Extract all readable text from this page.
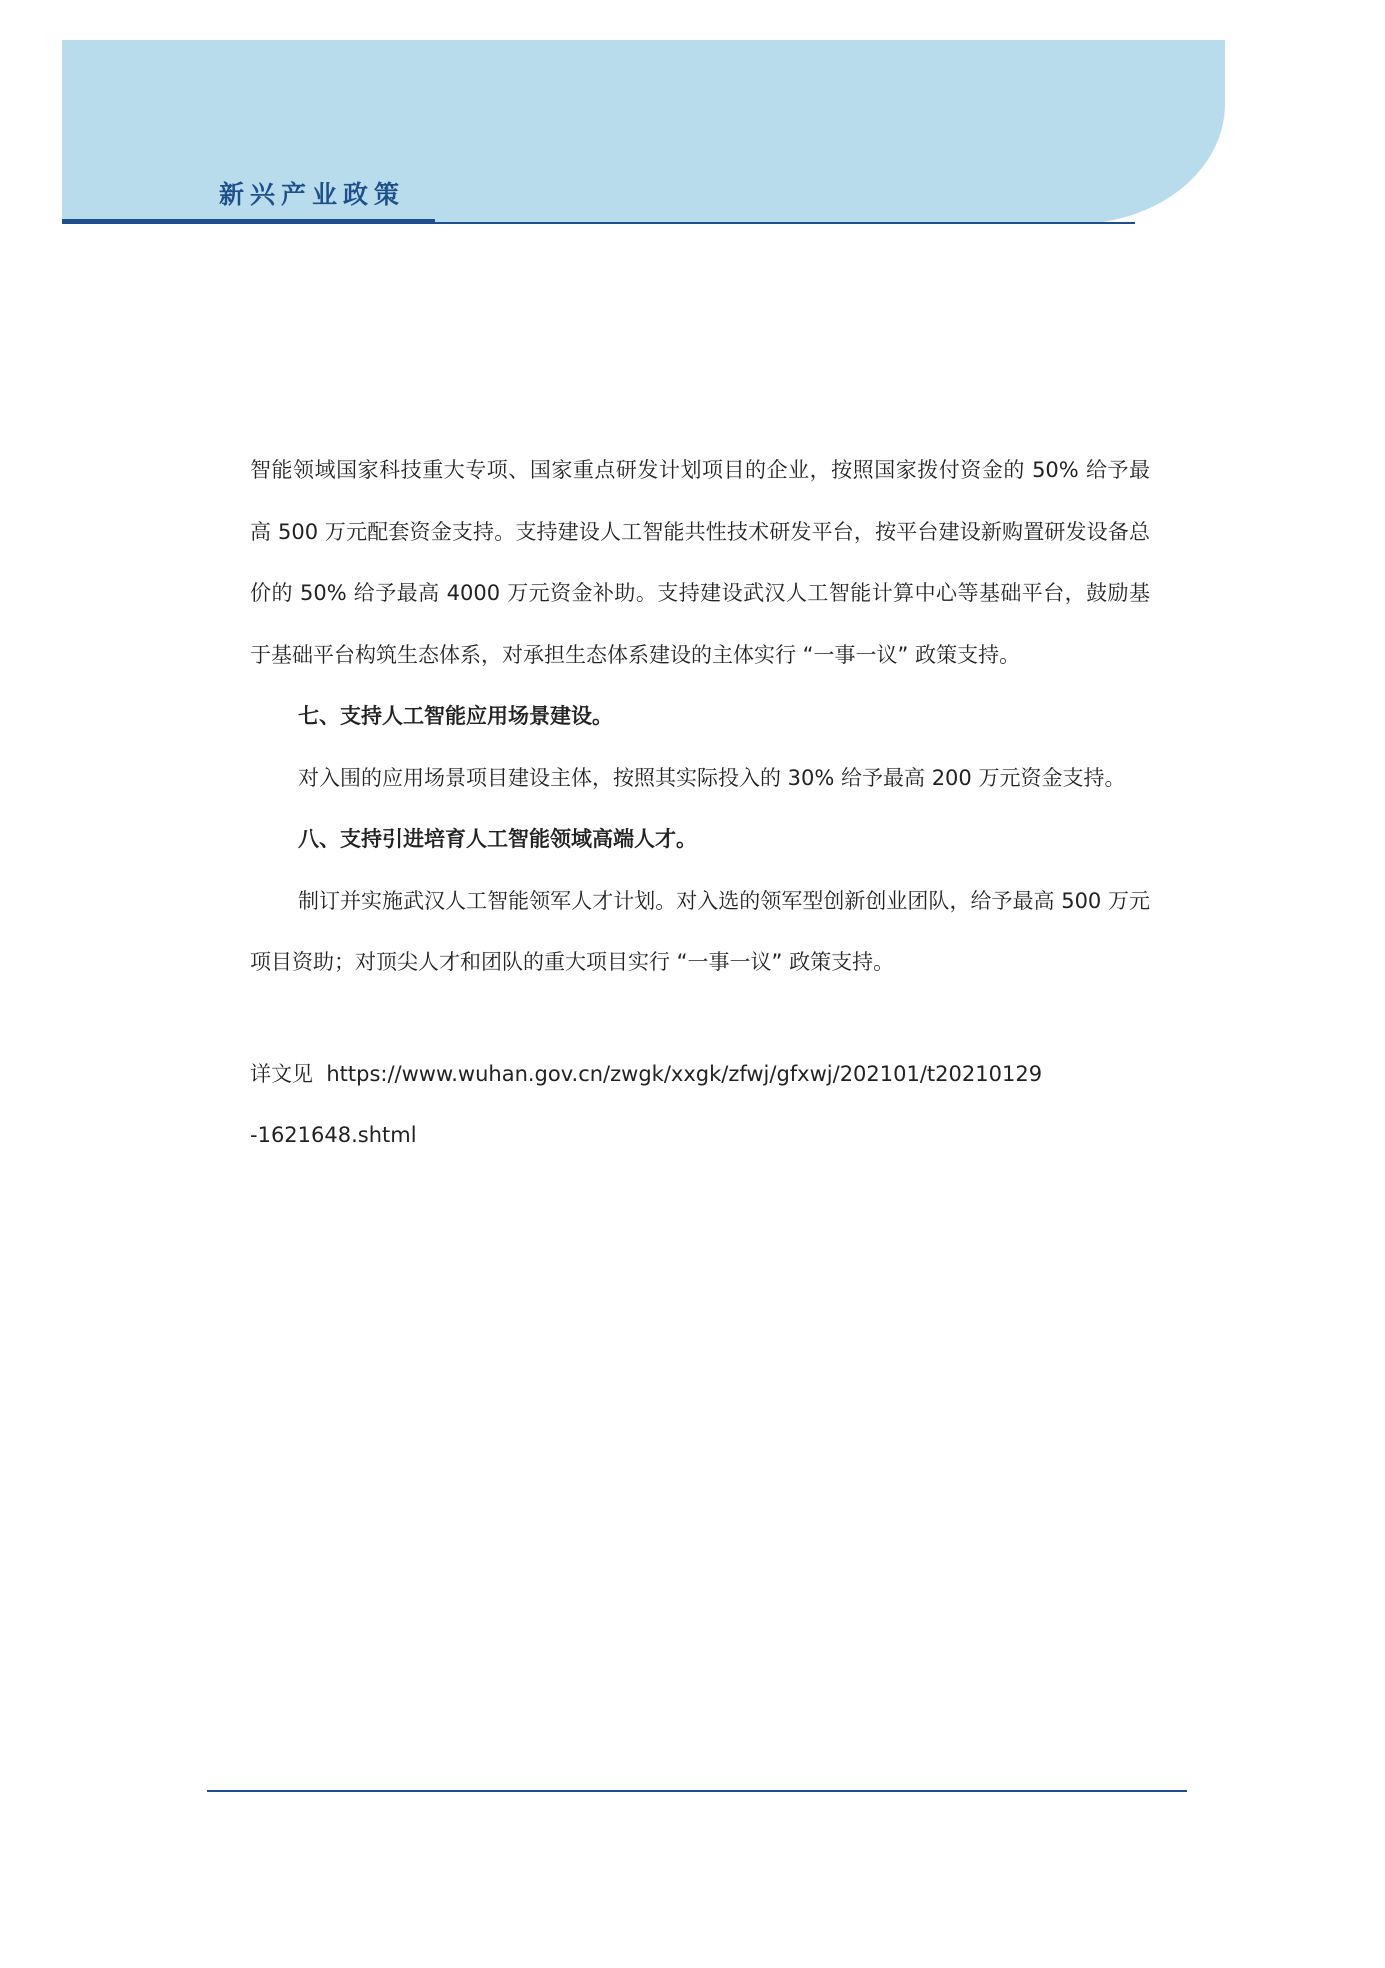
新兴产业政策

智能领域国家科技重大专项、国家重点研发计划项目的企业，按照国家拨付资金的 50% 给予最高 500 万元配套资金支持。支持建设人工智能共性技术研发平台，按平台建设新购置研发设备总价的 50% 给予最高 4000 万元资金补助。支持建设武汉人工智能计算中心等基础平台，鼓励基于基础平台构筑生态体系，对承担生态体系建设的主体实行 “一事一议” 政策支持。

七、支持人工智能应用场景建设。

对入围的应用场景项目建设主体，按照其实际投入的 30% 给予最高 200 万元资金支持。

八、支持引进培育人工智能领域高端人才。

制订并实施武汉人工智能领军人才计划。对入选的领军型创新创业团队，给予最高 500 万元项目资助；对顶尖人才和团队的重大项目实行 “一事一议” 政策支持。

详文见 https://www.wuhan.gov.cn/zwgk/xxgk/zfwj/gfxwj/202101/t20210129

-1621648.shtml
